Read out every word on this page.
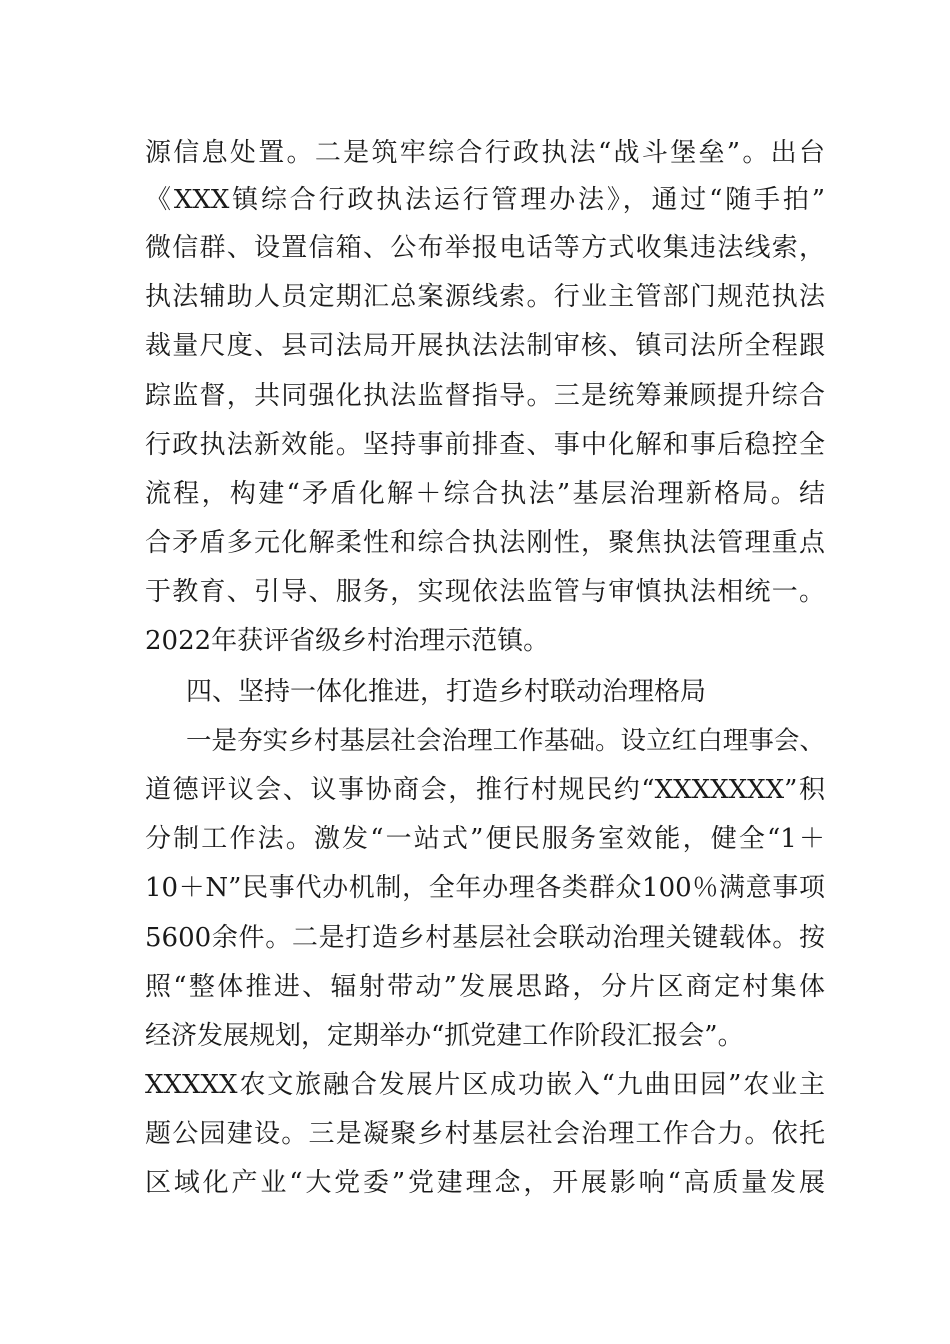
源信息处置。二是筑牢综合行政执法“战斗堡垒”。出台
《XXX镇综合行政执法运行管理办法》，通过“随手拍”
微信群、设置信箱、公布举报电话等方式收集违法线索，
执法辅助人员定期汇总案源线索。行业主管部门规范执法
裁量尺度、县司法局开展执法法制审核、镇司法所全程跟
踪监督，共同强化执法监督指导。三是统筹兼顾提升综合
行政执法新效能。坚持事前排查、事中化解和事后稳控全
流程，构建“矛盾化解＋综合执法”基层治理新格局。结
合矛盾多元化解柔性和综合执法刚性，聚焦执法管理重点
于教育、引导、服务，实现依法监管与审慎执法相统一。
2022年获评省级乡村治理示范镇。
四、坚持一体化推进，打造乡村联动治理格局
一是夯实乡村基层社会治理工作基础。设立红白理事会、
道德评议会、议事协商会，推行村规民约“XXXXXXX”积
分制工作法。激发“一站式”便民服务室效能，健全“1＋
10＋N”民事代办机制，全年办理各类群众100％满意事项
5600余件。二是打造乡村基层社会联动治理关键载体。按
照“整体推进、辐射带动”发展思路，分片区商定村集体
经济发展规划，定期举办“抓党建工作阶段汇报会”。
XXXXX农文旅融合发展片区成功嵌入“九曲田园”农业主
题公园建设。三是凝聚乡村基层社会治理工作合力。依托
区域化产业“大党委”党建理念，开展影响“高质量发展
